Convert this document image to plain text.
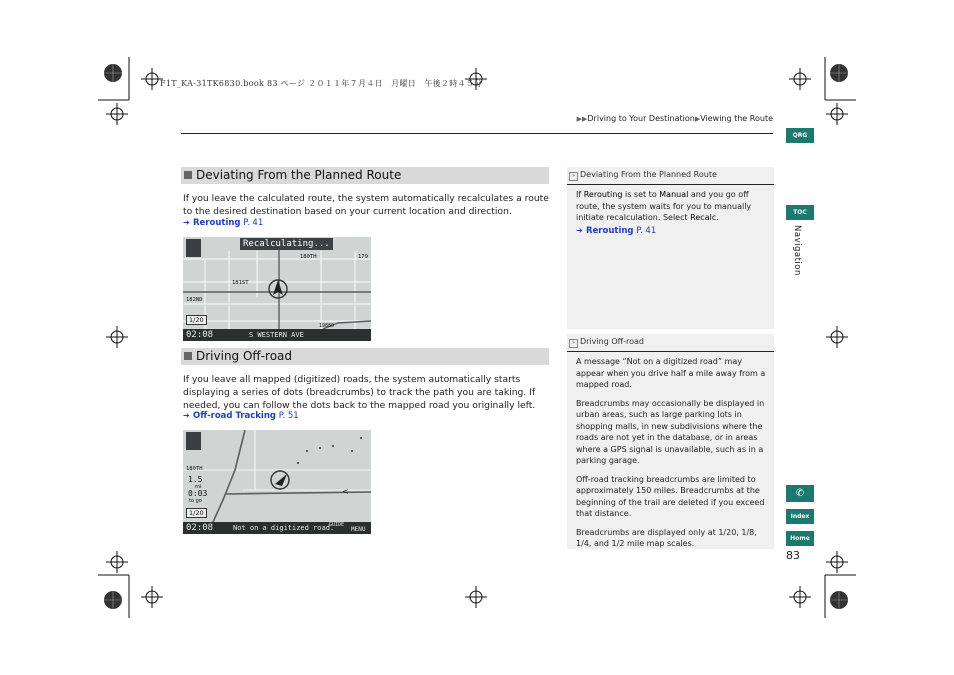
F1T_KA-31TK6830.book 83 ページ ２０１１年７月４日　月曜日　午後２時４５分
▶▶Driving to Your Destination▶Viewing the Route
Deviating From the Planned Route
If you leave the calculated route, the system automatically recalculates a route to the desired destination based on your current location and direction.
➔ Rerouting P. 41
Recalculating...
180TH
181ST
182ND
179
1/20
19880
02:08	S WESTERN AVE
Driving Off-road
If you leave all mapped (digitized) roads, the system automatically starts displaying a series of dots (breadcrumbs) to track the path you are taking. If needed, you can follow the dots back to the mapped road you originally left.
➔ Off-road Tracking P. 51
180TH
1.5
mi
0:03
to go
1/20
<
02:08	Not on a digitized road.
GUIDE
MENU
» Deviating From the Planned Route
If Rerouting is set to Manual and you go off route, the system waits for you to manually initiate recalculation. Select Recalc.
➔ Rerouting P. 41
» Driving Off-road

A message “Not on a digitized road” may appear when you drive half a mile away from a mapped road.

Breadcrumbs may occasionally be displayed in urban areas, such as large parking lots in shopping malls, in new subdivisions where the roads are not yet in the database, or in areas where a GPS signal is unavailable, such as in a parking garage.

Off-road tracking breadcrumbs are limited to approximately 150 miles. Breadcrumbs at the beginning of the trail are deleted if you exceed that distance.

Breadcrumbs are displayed only at 1/20, 1/8, 1/4, and 1/2 mile map scales.

QRG
TOC
Navigation
✆
Index
Home
83
